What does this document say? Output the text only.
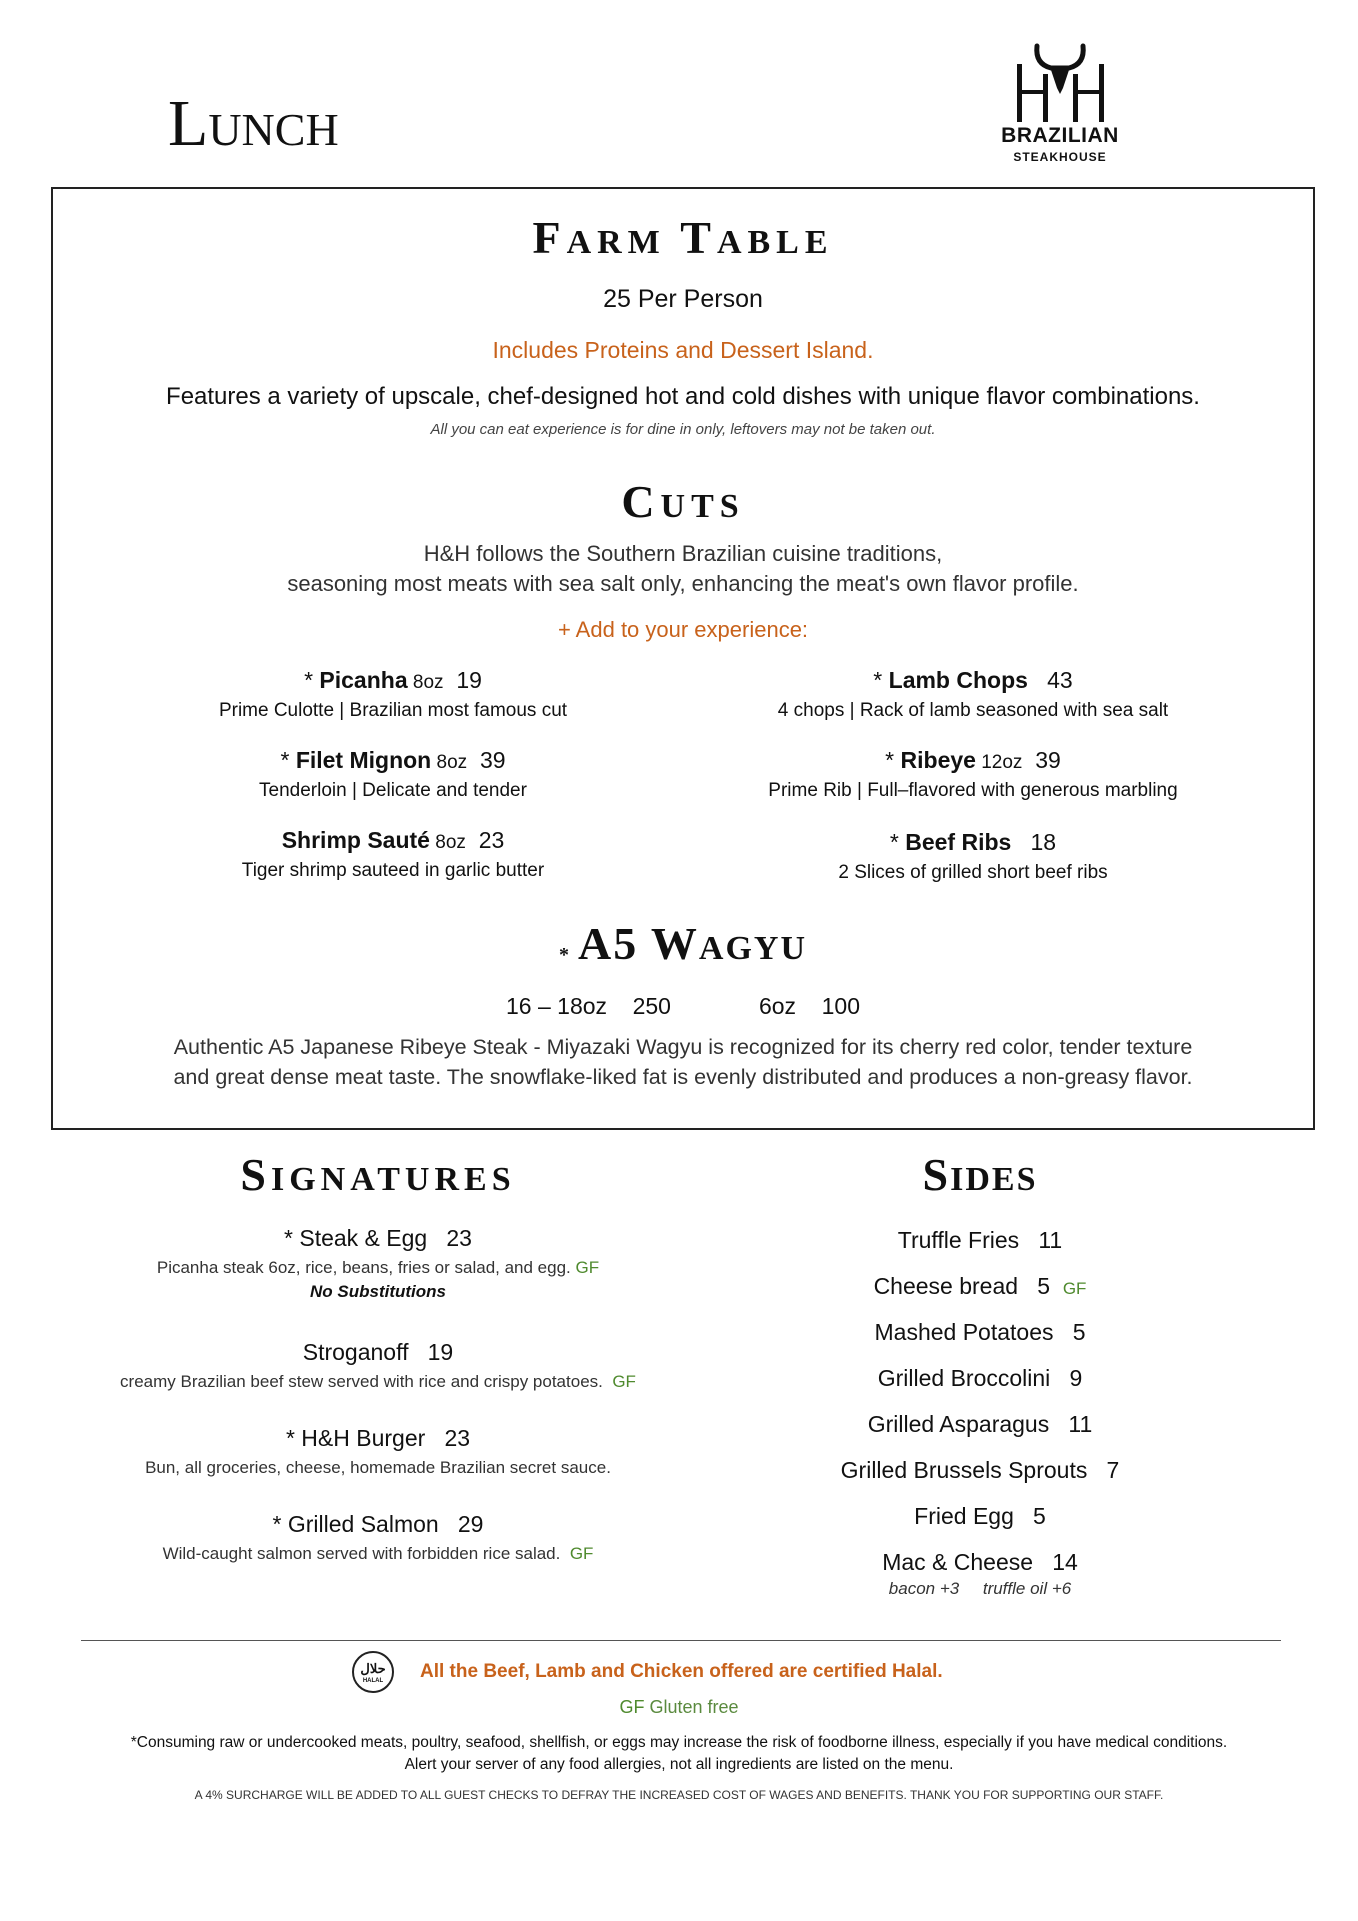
LUNCH	BRAZILIAN
STEAKHOUSE
FARM TABLE
25 Per Person
Includes Proteins and Dessert Island.
Features a variety of upscale, chef-designed hot and cold dishes with unique flavor combinations.
All you can eat experience is for dine in only, leftovers may not be taken out.
CUTS
H&H follows the Southern Brazilian cuisine traditions,
seasoning most meats with sea salt only, enhancing the meat's own flavor profile.
+ Add to your experience:
* Picanha 8oz 19
Prime Culotte | Brazilian most famous cut
* Filet Mignon 8oz 39
Tenderloin | Delicate and tender
Shrimp Sauté 8oz 23
Tiger shrimp sauteed in garlic butter
* Lamb Chops 43
4 chops | Rack of lamb seasoned with sea salt
* Ribeye 12oz 39
Prime Rib | Full–flavored with generous marbling
* Beef Ribs 18
2 Slices of grilled short beef ribs
* A5 WAGYU
16 – 18oz 250	6oz 100
Authentic A5 Japanese Ribeye Steak - Miyazaki Wagyu is recognized for its cherry red color, tender texture
and great dense meat taste. The snowflake-liked fat is evenly distributed and produces a non-greasy flavor.
SIGNATURES
* Steak & Egg 23
Picanha steak 6oz, rice, beans, fries or salad, and egg. GF
No Substitutions
Stroganoff 19
creamy Brazilian beef stew served with rice and crispy potatoes. GF
* H&H Burger 23
Bun, all groceries, cheese, homemade Brazilian secret sauce.
* Grilled Salmon 29
Wild-caught salmon served with forbidden rice salad. GF
SIDES
Truffle Fries 11
Cheese bread 5 GF
Mashed Potatoes 5
Grilled Broccolini 9
Grilled Asparagus 11
Grilled Brussels Sprouts 7
Fried Egg 5
Mac & Cheese 14
bacon +3 truffle oil +6
حلال
HALAL	All the Beef, Lamb and Chicken offered are certified Halal.
GF Gluten free
*Consuming raw or undercooked meats, poultry, seafood, shellfish, or eggs may increase the risk of foodborne illness, especially if you have medical conditions.
Alert your server of any food allergies, not all ingredients are listed on the menu.
A 4% SURCHARGE WILL BE ADDED TO ALL GUEST CHECKS TO DEFRAY THE INCREASED COST OF WAGES AND BENEFITS. THANK YOU FOR SUPPORTING OUR STAFF.
